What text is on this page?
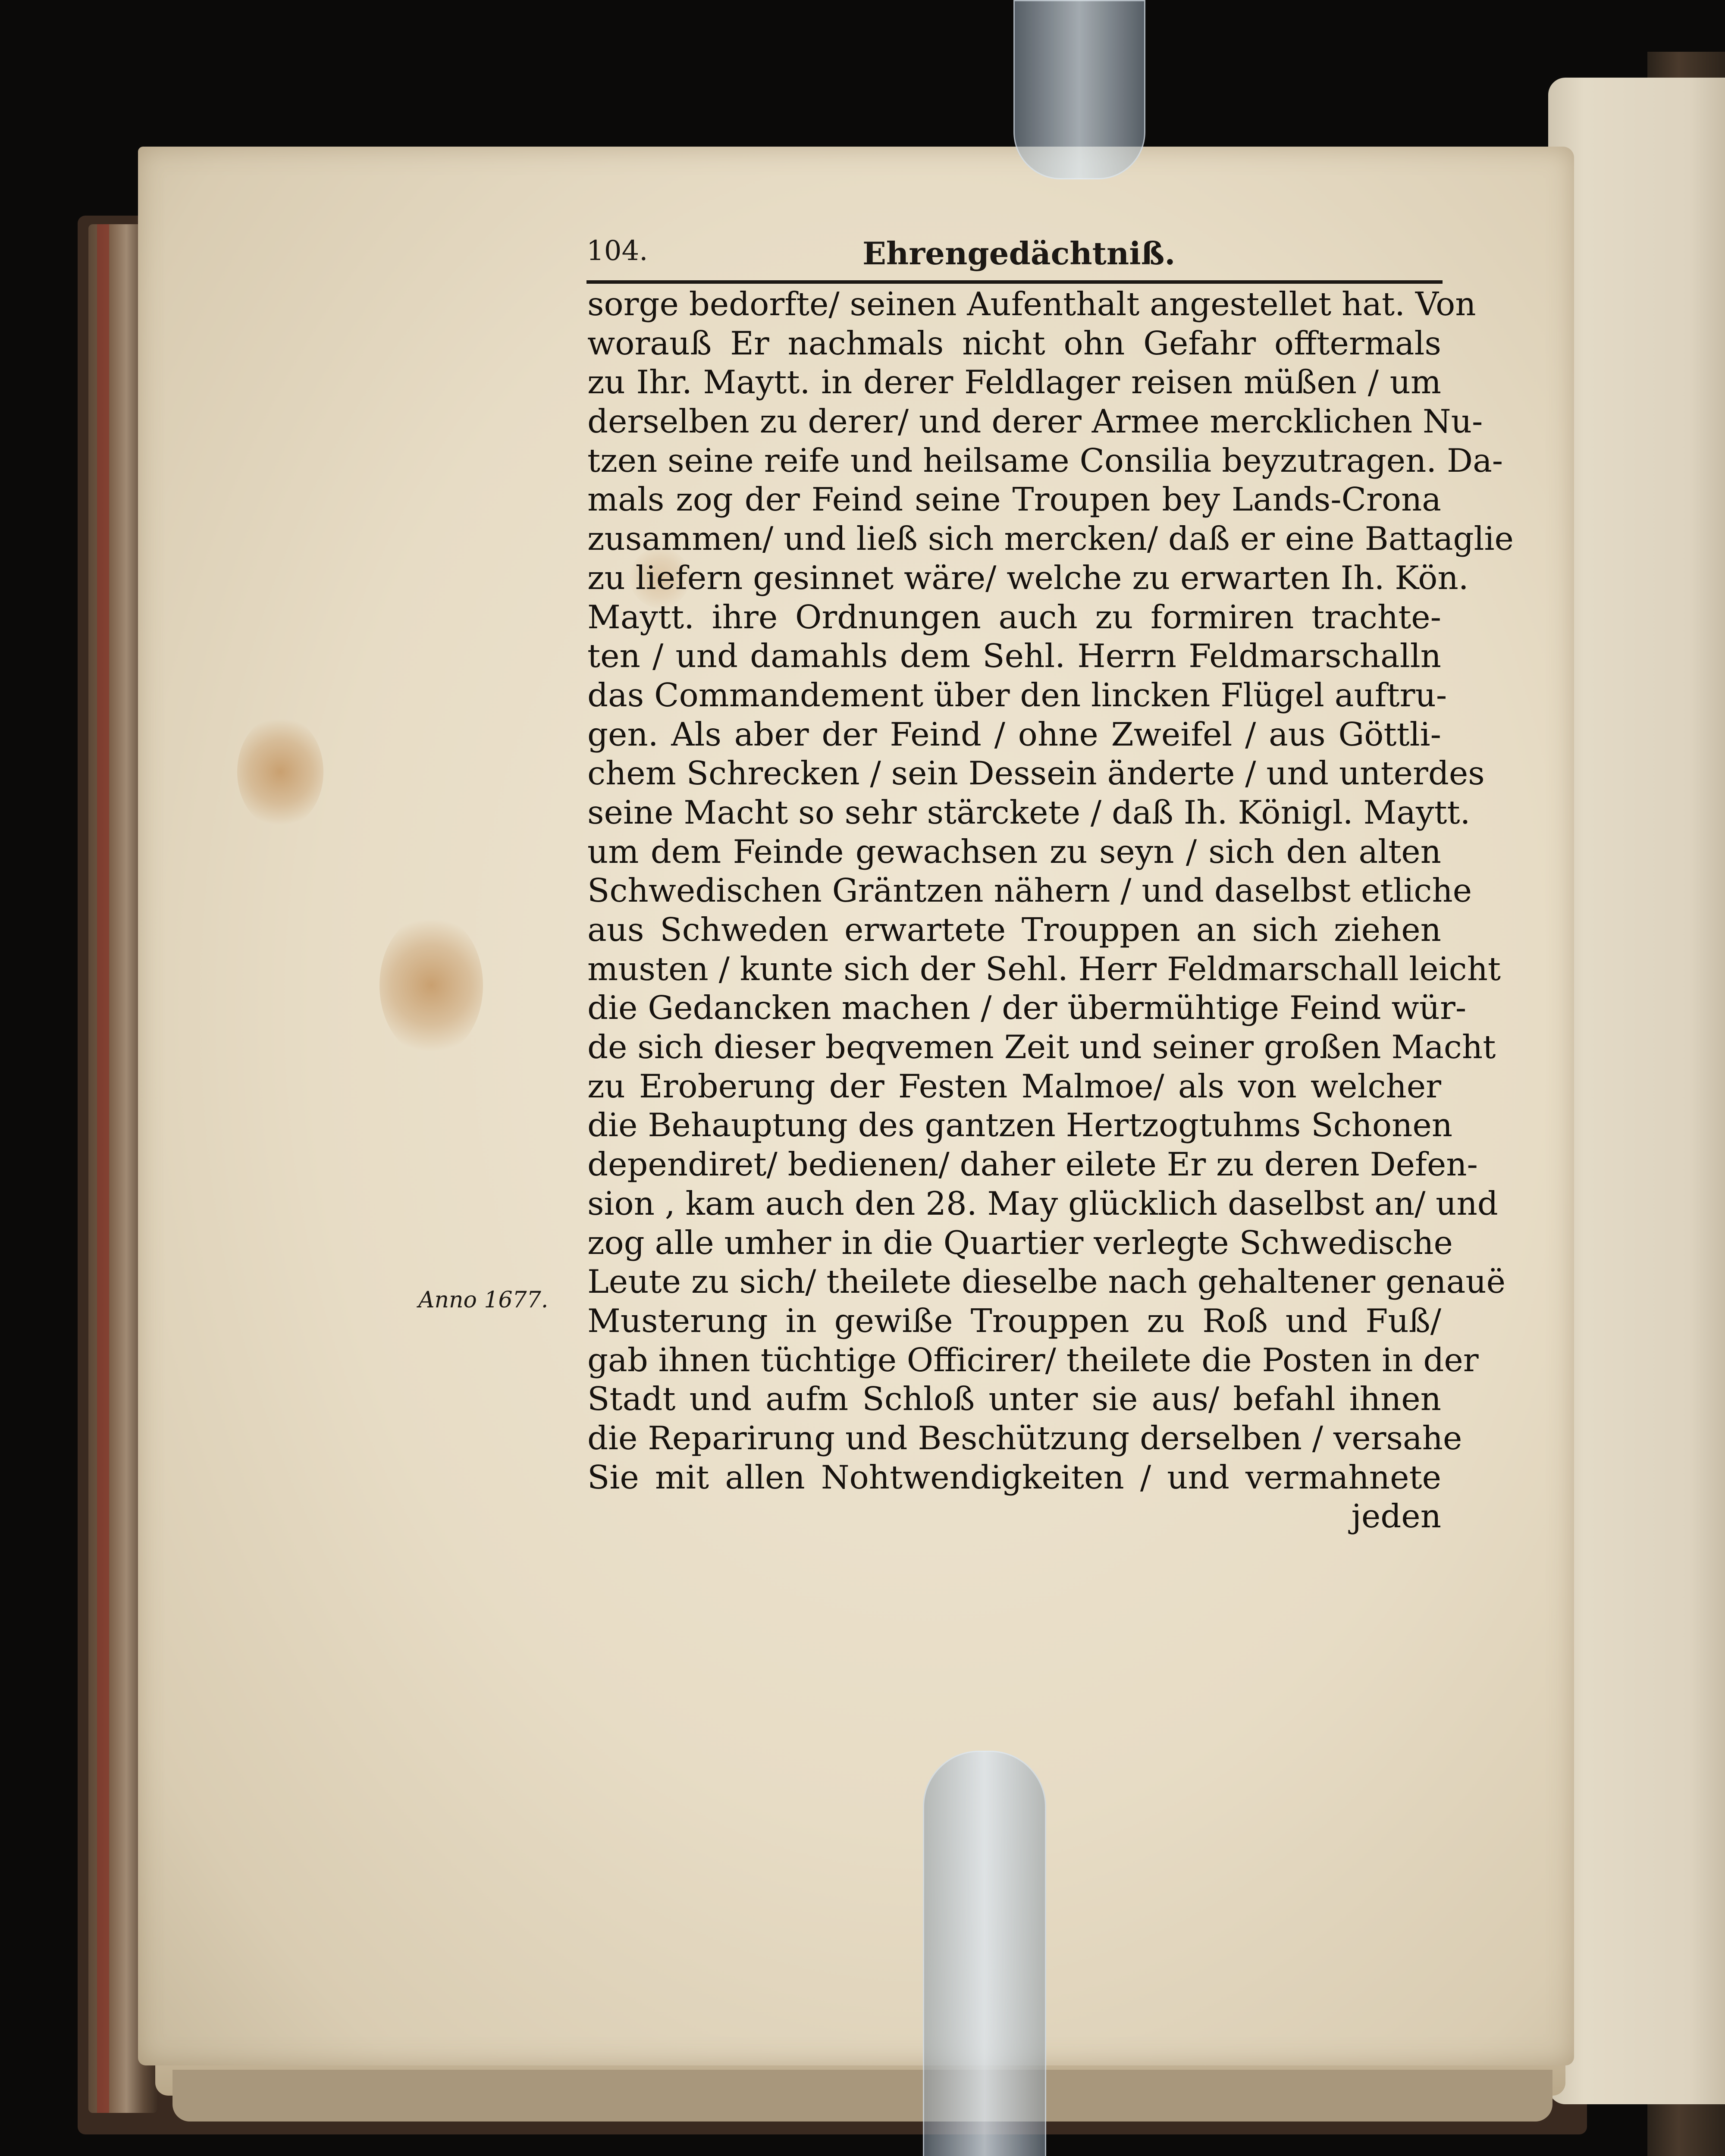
104.	Ehrengedächtniß.
sorge bedorfte/ seinen Aufenthalt angestellet hat. Von
worauß Er nachmals nicht ohn Gefahr offtermals
zu Ihr. Maytt. in derer Feldlager reisen müßen / um
derselben zu derer/ und derer Armee mercklichen Nu-
tzen seine reife und heilsame Consilia beyzutragen. Da-
mals zog der Feind seine Troupen bey Lands-Crona
zusammen/ und ließ sich mercken/ daß er eine Battaglie
zu liefern gesinnet wäre/ welche zu erwarten Ih. Kön.
Maytt. ihre Ordnungen auch zu formiren trachte-
ten / und damahls dem Sehl. Herrn Feldmarschalln
das Commandement über den lincken Flügel auftru-
gen. Als aber der Feind / ohne Zweifel / aus Göttli-
chem Schrecken / sein Dessein änderte / und unterdes
seine Macht so sehr stärckete / daß Ih. Königl. Maytt.
um dem Feinde gewachsen zu seyn / sich den alten
Schwedischen Gräntzen nähern / und daselbst etliche
aus Schweden erwartete Trouppen an sich ziehen
musten / kunte sich der Sehl. Herr Feldmarschall leicht
die Gedancken machen / der übermühtige Feind wür-
de sich dieser beqvemen Zeit und seiner großen Macht
zu Eroberung der Festen Malmoe/ als von welcher
die Behauptung des gantzen Hertzogtuhms Schonen
dependiret/ bedienen/ daher eilete Er zu deren Defen-
sion , kam auch den 28. May glücklich daselbst an/ und
zog alle umher in die Quartier verlegte Schwedische
Leute zu sich/ theilete dieselbe nach gehaltener genauë
Musterung in gewiße Trouppen zu Roß und Fuß/
gab ihnen tüchtige Officirer/ theilete die Posten in der
Stadt und aufm Schloß unter sie aus/ befahl ihnen
die Reparirung und Beschützung derselben / versahe
Sie mit allen Nohtwendigkeiten / und vermahnete
jeden
Anno 1677.
